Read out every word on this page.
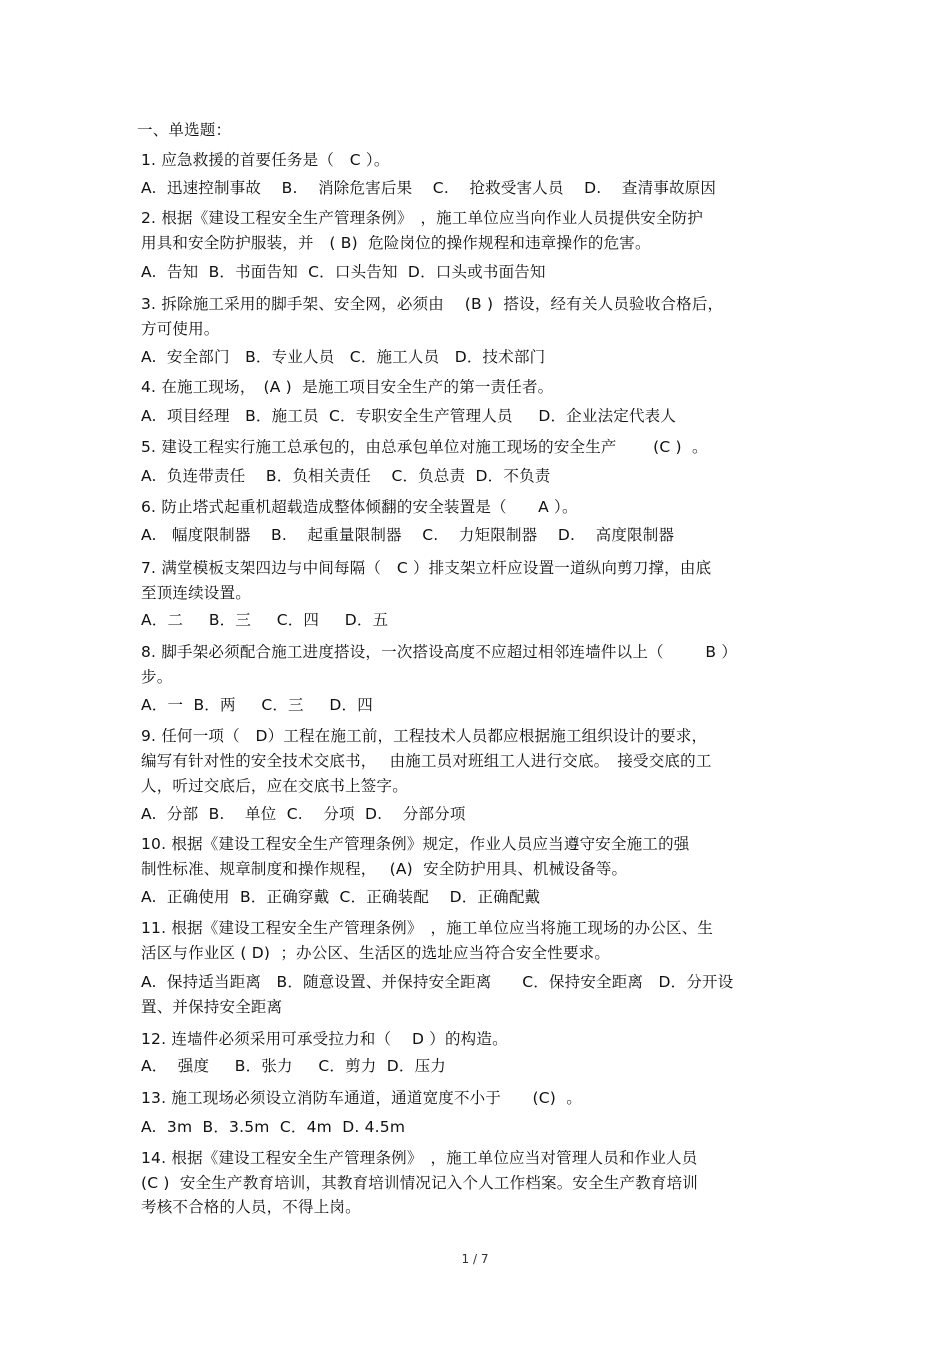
一、单选题：
1. 应急救援的首要任务是（　C ）。
A.  迅速控制事故    B.    消除危害后果    C.    抢救受害人员    D.    查清事故原因
2. 根据《建设工程安全生产管理条例》　，施工单位应当向作业人员提供安全防护
用具和安全防护服装，并　( B)  危险岗位的操作规程和违章操作的危害。
A.  告知  B．书面告知  C．口头告知  D．口头或书面告知
3. 拆除施工采用的脚手架、安全网，必须由　 (B )  搭设，经有关人员验收合格后，
方可使用。
A.  安全部门   B．专业人员   C．施工人员   D．技术部门
4. 在施工现场，　(A )  是施工项目安全生产的第一责任者。
A.  项目经理   B．施工员  C．专职安全生产管理人员     D．企业法定代表人
5. 建设工程实行施工总承包的，由总承包单位对施工现场的安全生产　　 (C )  。
A.  负连带责任    B．负相关责任    C．负总责  D．不负责
6. 防止塔式起重机超载造成整体倾翻的安全装置是（　　A ）。
A.   幅度限制器    B.    起重量限制器    C.    力矩限制器    D.    高度限制器
7. 满堂模板支架四边与中间每隔（　C ）排支架立杆应设置一道纵向剪刀撑，由底
至顶连续设置。
A．二     B．三     C．四     D．五
8. 脚手架必须配合施工进度搭设，一次搭设高度不应超过相邻连墙件以上（　　  B ）
步。
A．一  B．两     C．三     D．四
9. 任何一项（　D）工程在施工前，工程技术人员都应根据施工组织设计的要求，
编写有针对性的安全技术交底书，　 由施工员对班组工人进行交底。　接受交底的工
人，听过交底后，应在交底书上签字。
A.  分部  B.    单位  C.    分项  D.    分部分项
10. 根据《建设工程安全生产管理条例》规定，作业人员应当遵守安全施工的强
制性标准、规章制度和操作规程，　 (A)  安全防护用具、机械设备等。
A.  正确使用  B．正确穿戴  C．正确装配    D．正确配戴
11. 根据《建设工程安全生产管理条例》　，施工单位应当将施工现场的办公区、生
活区与作业区 ( D)  ；办公区、生活区的选址应当符合安全性要求。
A.  保持适当距离   B．随意设置、并保持安全距离      C．保持安全距离   D．分开设
置、并保持安全距离
12. 连墙件必须采用可承受拉力和（　 D ）的构造。
A．  强度     B．张力     C．剪力  D．压力
13. 施工现场必须设立消防车通道，通道宽度不小于　　(C)  。
A.  3m  B．3.5m  C．4m  D. 4.5m
14. 根据《建设工程安全生产管理条例》　，施工单位应当对管理人员和作业人员
(C )  安全生产教育培训，其教育培训情况记入个人工作档案。安全生产教育培训
考核不合格的人员，不得上岗。
1 / 7
